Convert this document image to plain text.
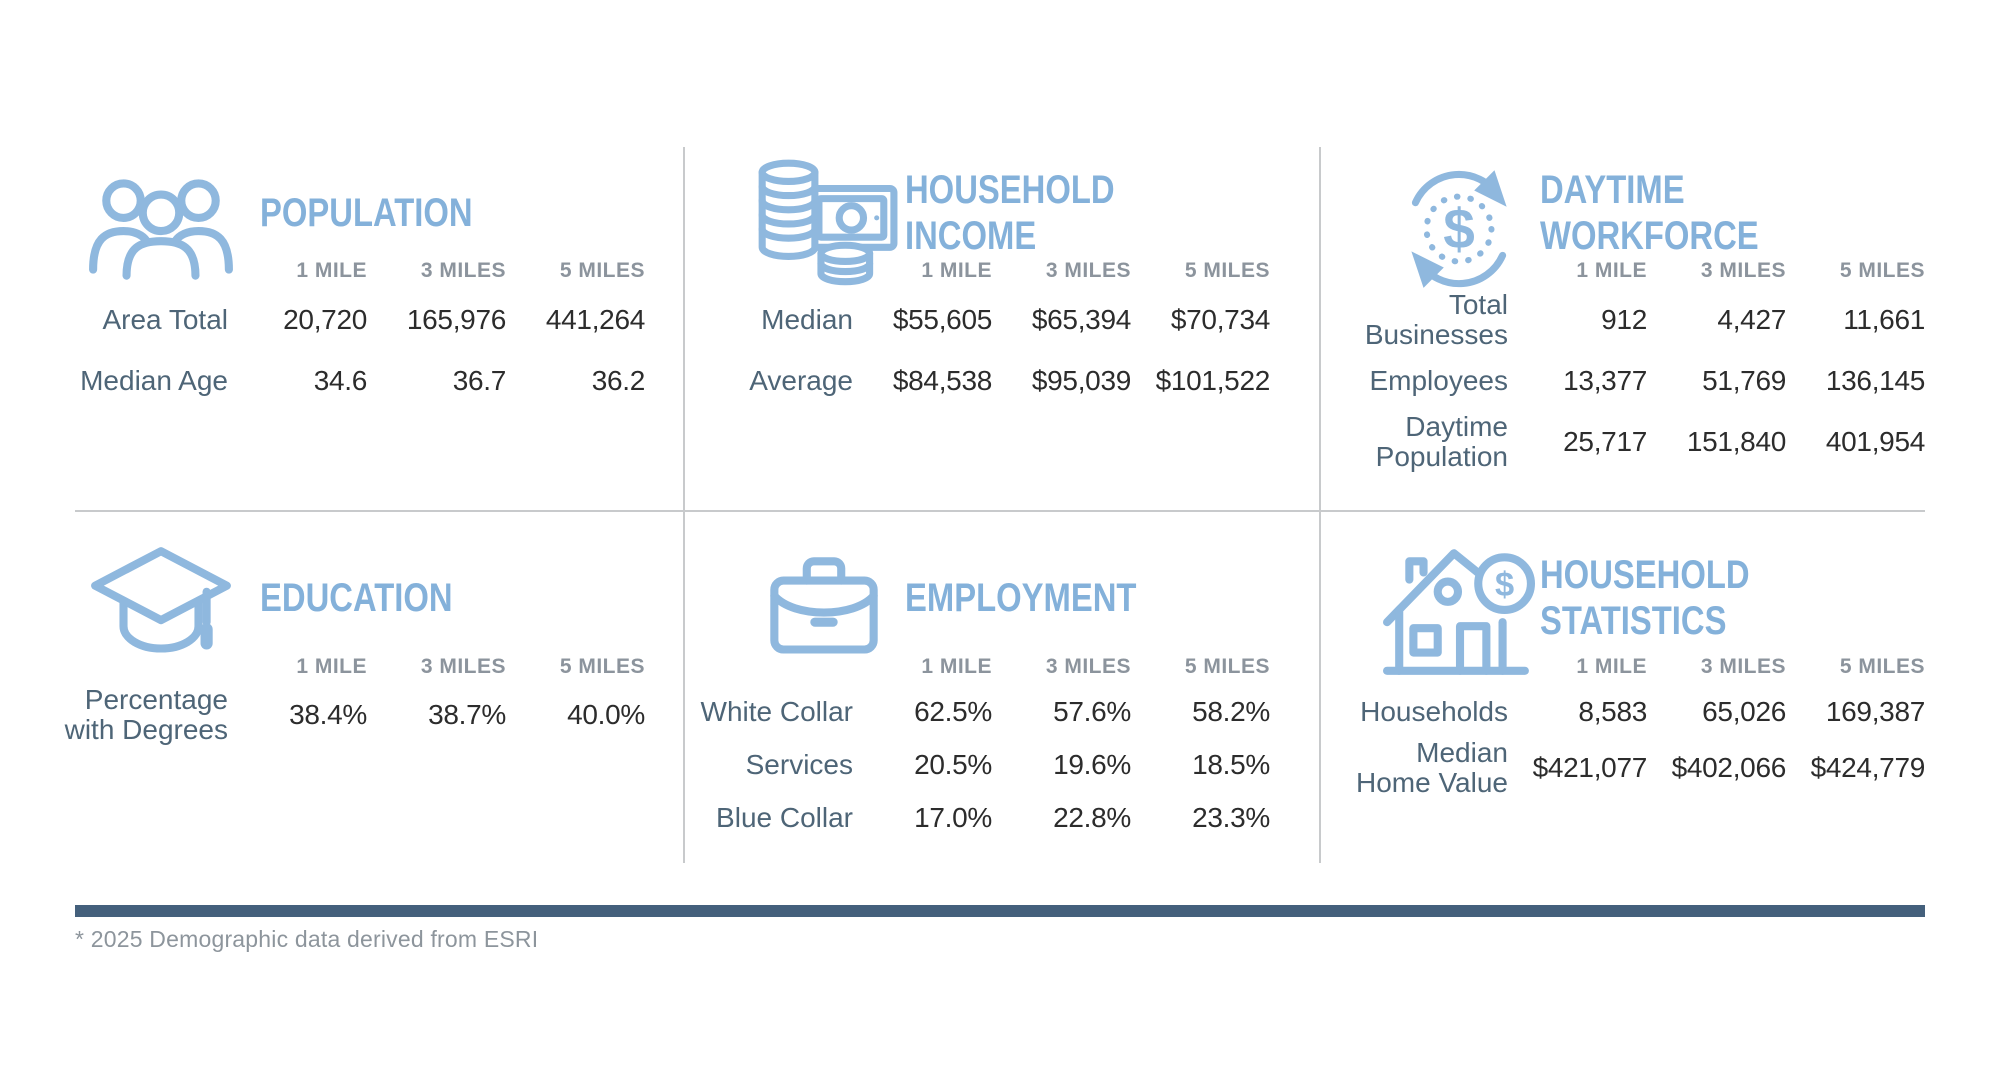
POPULATION
1 MILE	3 MILES	5 MILES
Area Total	20,720	165,976	441,264
Median Age	34.6	36.7	36.2
HOUSEHOLD INCOME
1 MILE	3 MILES	5 MILES
Median	$55,605	$65,394	$70,734
Average	$84,538	$95,039 $101,522
$
DAYTIME WORKFORCE
1 MILE	3 MILES	5 MILES
Total Businesses	912	4,427	11,661
Employees	13,377	51,769	136,145
Daytime Population	25,717	151,840	401,954
EDUCATION
1 MILE	3 MILES	5 MILES
Percentage with Degrees	38.4%	38.7%	40.0%
EMPLOYMENT
1 MILE	3 MILES	5 MILES
White Collar	62.5%	57.6%	58.2%
Services	20.5%	19.6%	18.5%
Blue Collar	17.0%	22.8%	23.3%
$ HOUSEHOLD STATISTICS
1 MILE	3 MILES	5 MILES
Households	8,583	65,026	169,387
Median Home Value $421,077 $402,066 $424,779
* 2025 Demographic data derived from ESRI
